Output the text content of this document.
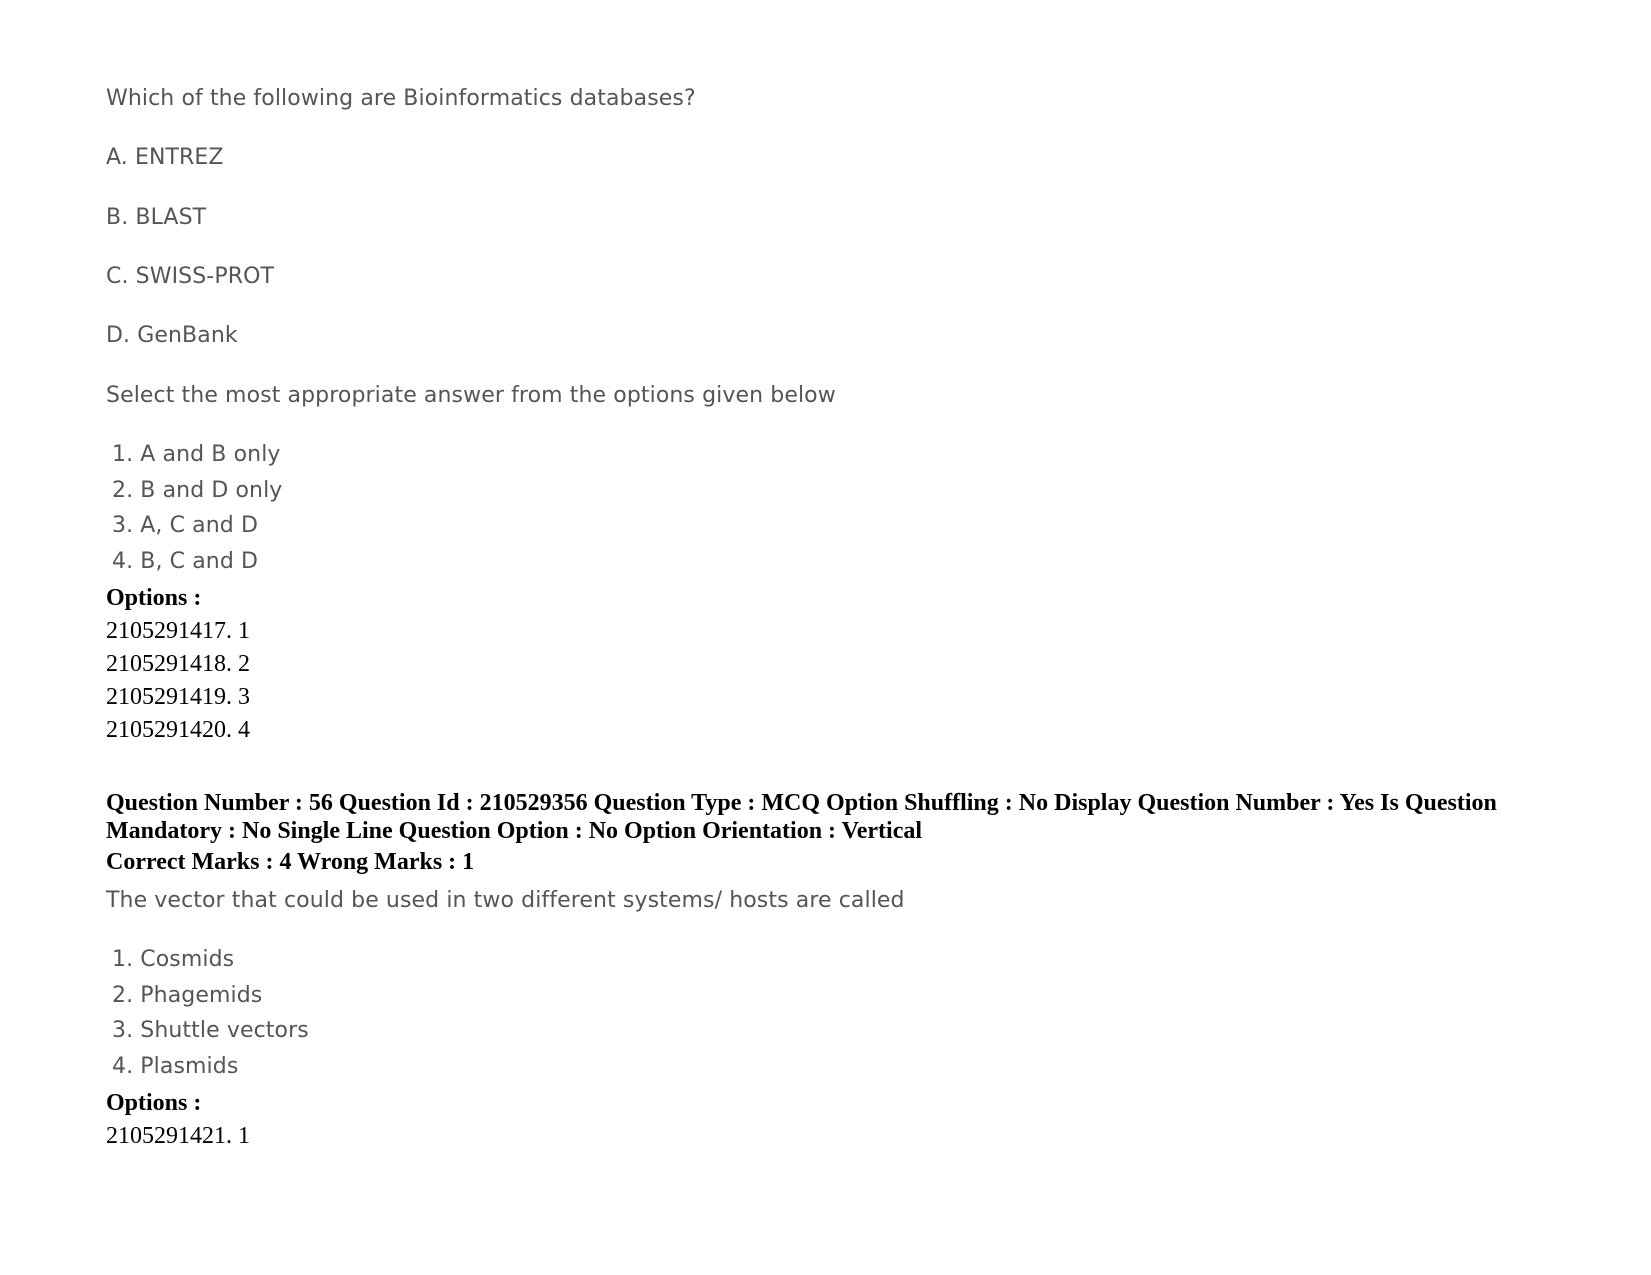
Which of the following are Bioinformatics databases?
A. ENTREZ
B. BLAST
C. SWISS-PROT
D. GenBank
Select the most appropriate answer from the options given below
1. A and B only
2. B and D only
3. A, C and D
4. B, C and D
Options :
2105291417. 1
2105291418. 2
2105291419. 3
2105291420. 4
Question Number : 56 Question Id : 210529356 Question Type : MCQ Option Shuffling : No Display Question Number : Yes Is Question Mandatory : No Single Line Question Option : No Option Orientation : Vertical
Correct Marks : 4 Wrong Marks : 1
The vector that could be used in two different systems/ hosts are called
1. Cosmids
2. Phagemids
3. Shuttle vectors
4. Plasmids
Options :
2105291421. 1
